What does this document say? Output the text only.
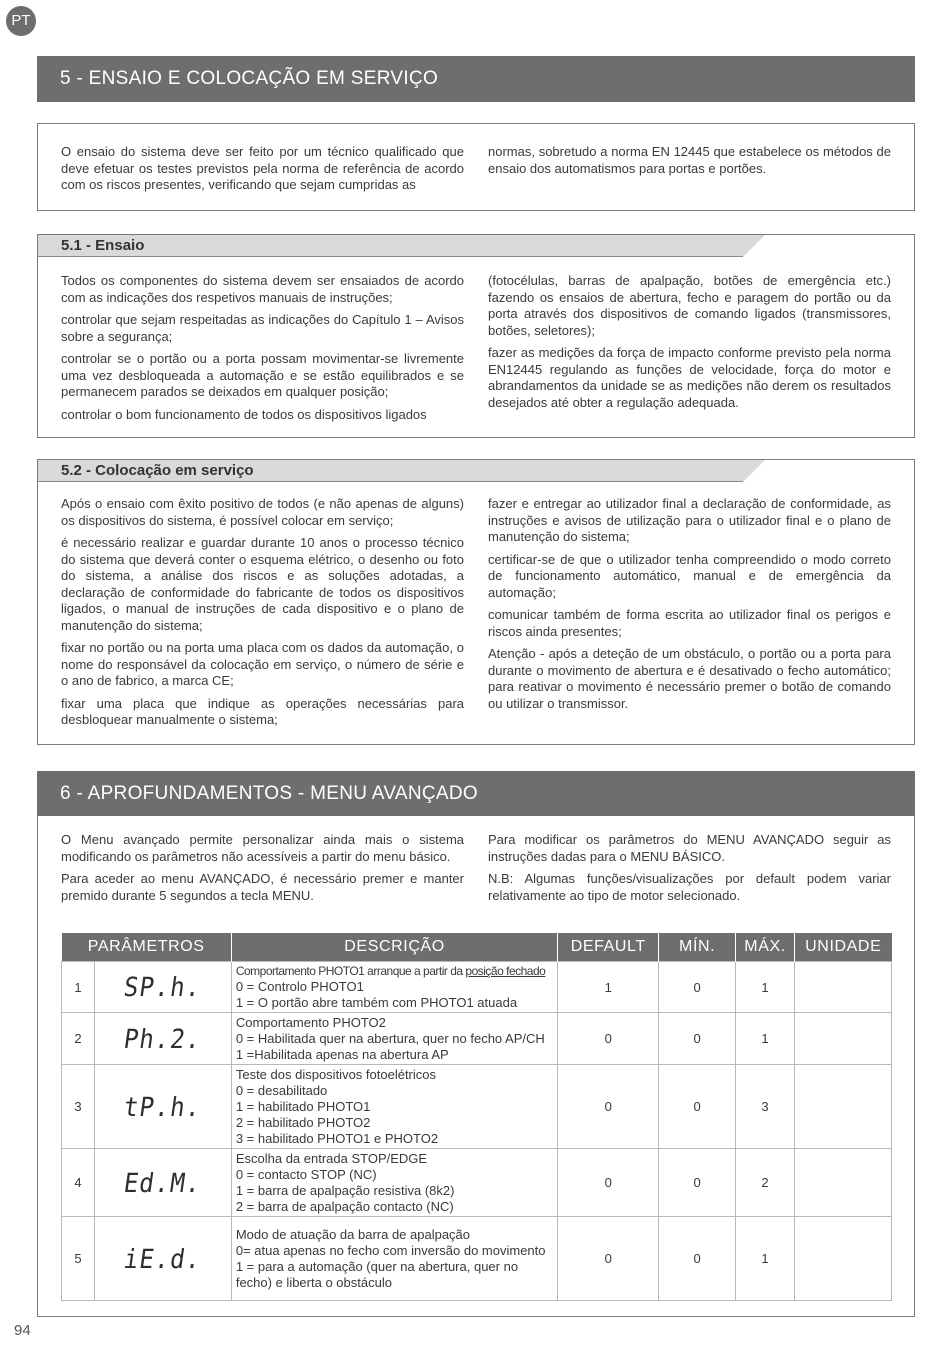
PT
5 - ENSAIO E COLOCAÇÃO EM SERVIÇO

O ensaio do sistema deve ser feito por um técnico qualificado que deve efetuar os testes previstos pela norma de referência de acordo com os riscos presentes, verificando que sejam cumpridas as

normas, sobretudo a norma EN 12445 que estabelece os métodos de ensaio dos automatismos para portas e portões.

5.1 - Ensaio

Todos os componentes do sistema devem ser ensaiados de acordo com as indicações dos respetivos manuais de instruções;

controlar que sejam respeitadas as indicações do Capítulo 1 – Avisos sobre a segurança;

controlar se o portão ou a porta possam movimentar-se livremente uma vez desbloqueada a automação e se estão equilibrados e se permanecem parados se deixados em qualquer posição;

controlar o bom funcionamento de todos os dispositivos ligados

(fotocélulas, barras de apalpação, botões de emergência etc.) fazendo os ensaios de abertura, fecho e paragem do portão ou da porta através dos dispositivos de comando ligados (transmissores, botões, seletores);

fazer as medições da força de impacto conforme previsto pela norma EN12445 regulando as funções de velocidade, força do motor e abrandamentos da unidade se as medições não derem os resultados desejados até obter a regulação adequada.

5.2 - Colocação em serviço

Após o ensaio com êxito positivo de todos (e não apenas de alguns) os dispositivos do sistema, é possível colocar em serviço;

é necessário realizar e guardar durante 10 anos o processo técnico do sistema que deverá conter o esquema elétrico, o desenho ou foto do sistema, a análise dos riscos e as soluções adotadas, a declaração de conformidade do fabricante de todos os dispositivos ligados, o manual de instruções de cada dispositivo e o plano de manutenção do sistema;

fixar no portão ou na porta uma placa com os dados da automação, o nome do responsável da colocação em serviço, o número de série e o ano de fabrico, a marca CE;

fixar uma placa que indique as operações necessárias para desbloquear manualmente o sistema;

fazer e entregar ao utilizador final a declaração de conformidade, as instruções e avisos de utilização para o utilizador final e o plano de manutenção do sistema;

certificar-se de que o utilizador tenha compreendido o modo correto de funcionamento automático, manual e de emergência da automação;

comunicar também de forma escrita ao utilizador final os perigos e riscos ainda presentes;

Atenção - após a deteção de um obstáculo, o portão ou a porta para durante o movimento de abertura e é desativado o fecho automático; para reativar o movimento é necessário premer o botão de comando ou utilizar o transmissor.

6 - APROFUNDAMENTOS - MENU AVANÇADO

O Menu avançado permite personalizar ainda mais o sistema modificando os parâmetros não acessíveis a partir do menu básico.

Para aceder ao menu AVANÇADO, é necessário premer e manter premido durante 5 segundos a tecla MENU.

Para modificar os parâmetros do MENU AVANÇADO seguir as instruções dadas para o MENU BÁSICO.

N.B: Algumas funções/visualizações por default podem variar relativamente ao tipo de motor selecionado.

PARÂMETROS		DESCRIÇÃO	DEFAULT	MÍN.	MÁX.	UNIDADE
1	SP.h.	Comportamento PHOTO1 arranque a partir da posição fechado
0 = Controlo PHOTO1
1 = O portão abre também com PHOTO1 atuada	1	0	1	
2	Ph.2.	Comportamento PHOTO2
0 = Habilitada quer na abertura, quer no fecho AP/CH
1 =Habilitada apenas na abertura AP	0	0	1	
3	tP.h.	Teste dos dispositivos fotoelétricos
0 = desabilitado
1 = habilitado PHOTO1
2 = habilitado PHOTO2
3 = habilitado PHOTO1 e PHOTO2	0	0	3	
4	Ed.M.	Escolha da entrada STOP/EDGE
0 = contacto STOP (NC)
1 = barra de apalpação resistiva (8k2)
2 = barra de apalpação contacto (NC)	0	0	2	
5	iE.d.	Modo de atuação da barra de apalpação
0= atua apenas no fecho com inversão do movimento
1 = para a automação (quer na abertura, quer no fecho) e liberta o obstáculo	0	0	1	
94
